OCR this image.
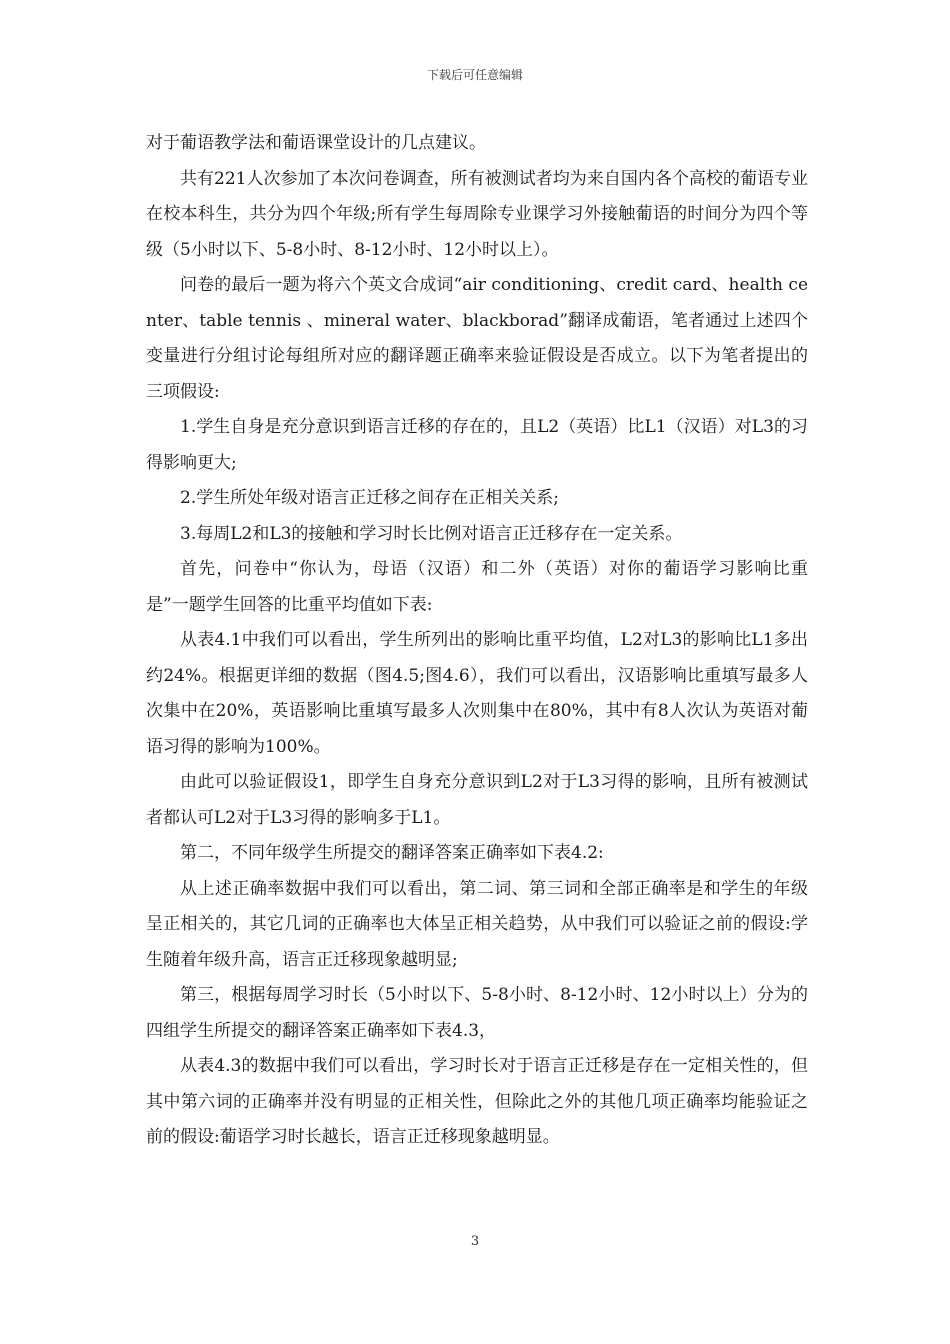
下载后可任意编辑

对于葡语教学法和葡语课堂设计的几点建议。

共有221人次参加了本次问卷调查，所有被测试者均为来自国内各个高校的葡语专业在校本科生，共分为四个年级;所有学生每周除专业课学习外接触葡语的时间分为四个等级（5小时以下、5-8小时、8-12小时、12小时以上）。

问卷的最后一题为将六个英文合成词“air conditioning、credit card、health center、table tennis 、mineral water、blackborad”翻译成葡语，笔者通过上述四个变量进行分组讨论每组所对应的翻译题正确率来验证假设是否成立。以下为笔者提出的三项假设:

1.学生自身是充分意识到语言迁移的存在的，且L2（英语）比L1（汉语）对L3的习得影响更大;

2.学生所处年级对语言正迁移之间存在正相关关系;

3.每周L2和L3的接触和学习时长比例对语言正迁移存在一定关系。

首先，问卷中“你认为，母语（汉语）和二外（英语）对你的葡语学习影响比重是”一题学生回答的比重平均值如下表:

从表4.1中我们可以看出，学生所列出的影响比重平均值，L2对L3的影响比L1多出约24%。根据更详细的数据（图4.5;图4.6），我们可以看出，汉语影响比重填写最多人次集中在20%，英语影响比重填写最多人次则集中在80%，其中有8人次认为英语对葡语习得的影响为100%。

由此可以验证假设1，即学生自身充分意识到L2对于L3习得的影响，且所有被测试者都认可L2对于L3习得的影响多于L1。

第二，不同年级学生所提交的翻译答案正确率如下表4.2:

从上述正确率数据中我们可以看出，第二词、第三词和全部正确率是和学生的年级呈正相关的，其它几词的正确率也大体呈正相关趋势，从中我们可以验证之前的假设:学生随着年级升高，语言正迁移现象越明显;

第三，根据每周学习时长（5小时以下、5-8小时、8-12小时、12小时以上）分为的四组学生所提交的翻译答案正确率如下表4.3，

从表4.3的数据中我们可以看出，学习时长对于语言正迁移是存在一定相关性的，但其中第六词的正确率并没有明显的正相关性，但除此之外的其他几项正确率均能验证之前的假设:葡语学习时长越长，语言正迁移现象越明显。

3
